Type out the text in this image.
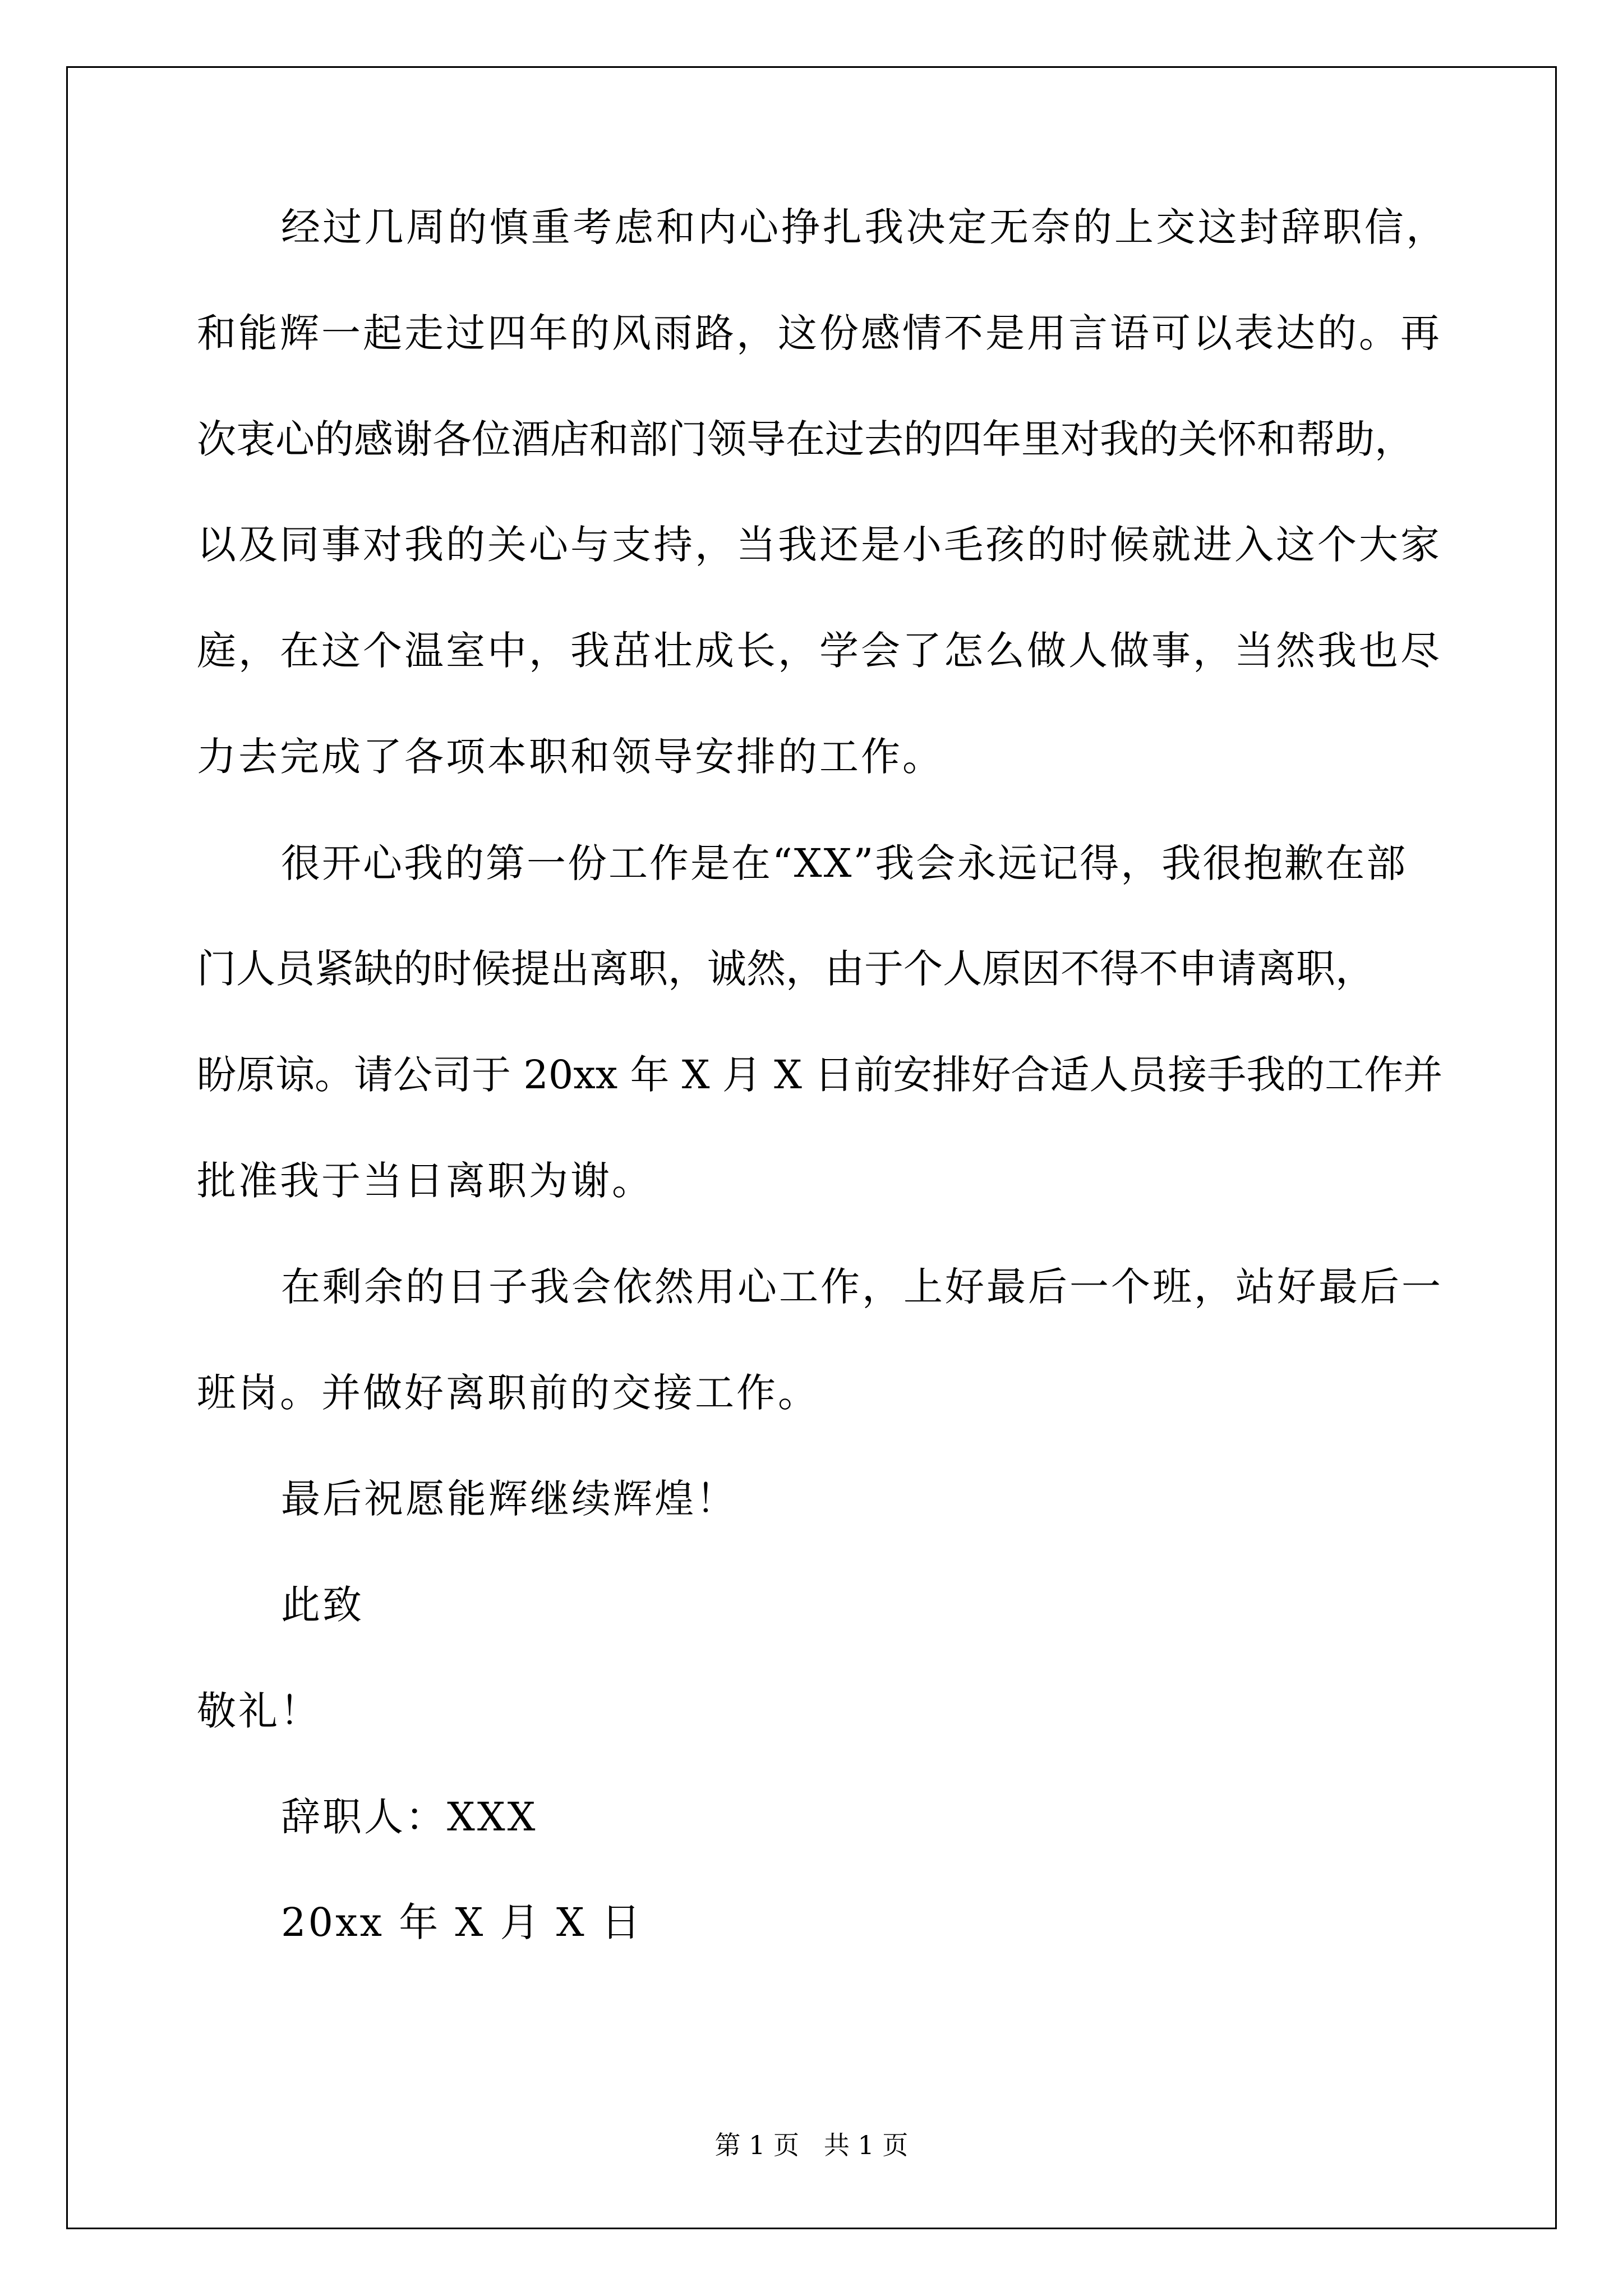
经过几周的慎重考虑和内心挣扎我决定无奈的上交这封辞职信，
和能辉一起走过四年的风雨路，这份感情不是用言语可以表达的。再
次衷心的感谢各位酒店和部门领导在过去的四年里对我的关怀和帮助，
以及同事对我的关心与支持，当我还是小毛孩的时候就进入这个大家
庭，在这个温室中，我茁壮成长，学会了怎么做人做事，当然我也尽
力去完成了各项本职和领导安排的工作。
很开心我的第一份工作是在“XX”我会永远记得，我很抱歉在部
门人员紧缺的时候提出离职，诚然，由于个人原因不得不申请离职，
盼原谅。请公司于 20xx 年 X 月 X 日前安排好合适人员接手我的工作并
批准我于当日离职为谢。
在剩余的日子我会依然用心工作，上好最后一个班，站好最后一
班岗。并做好离职前的交接工作。
最后祝愿能辉继续辉煌！
此致
敬礼！
辞职人：XXX
20xx 年 X 月 X 日
第 1 页   共 1 页
